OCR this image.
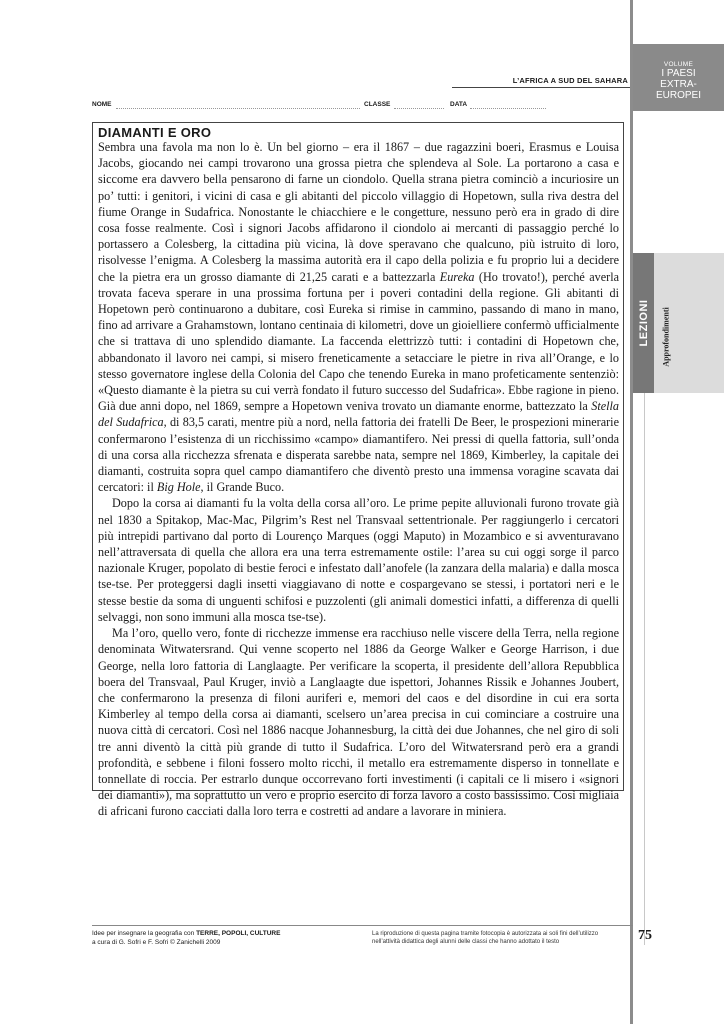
VOLUME
I PAESI
EXTRA-
EUROPEI
LEZIONI Approfondimenti
L’AFRICA A SUD DEL SAHARA
NOME	CLASSE	DATA
DIAMANTI E ORO

Sembra una favola ma non lo è. Un bel giorno – era il 1867 – due ragazzini boeri, Erasmus e Louisa Jacobs, giocando nei campi trovarono una grossa pietra che splendeva al Sole. La portarono a casa e siccome era davvero bella pensarono di farne un ciondolo. Quella strana pietra cominciò a incuriosire un po’ tutti: i genitori, i vicini di casa e gli abitanti del piccolo villaggio di Hopetown, sulla riva destra del fiume Orange in Sudafrica. Nonostante le chiacchiere e le congetture, nessuno però era in grado di dire cosa fosse realmente. Così i signori Jacobs affidarono il ciondolo ai mercanti di passaggio perché lo portassero a Colesberg, la cittadina più vicina, là dove speravano che qualcuno, più istruito di loro, risolvesse l’enigma. A Colesberg la massima autorità era il capo della polizia e fu proprio lui a decidere che la pietra era un grosso diamante di 21,25 carati e a battezzarla Eureka (Ho trovato!), perché averla trovata faceva sperare in una prossima fortuna per i poveri contadini della regione. Gli abitanti di Hopetown però continuarono a dubitare, così Eureka si rimise in cammino, passando di mano in mano, fino ad arrivare a Grahamstown, lontano centinaia di kilometri, dove un gioielliere confermò ufficialmente che si trattava di uno splendido diamante. La faccenda elettrizzò tutti: i contadini di Hopetown che, abbandonato il lavoro nei campi, si misero freneticamente a setacciare le pietre in riva all’Orange, e lo stesso governatore inglese della Colonia del Capo che tenendo Eureka in mano profeticamente sentenziò: «Questo diamante è la pietra su cui verrà fondato il futuro successo del Sudafrica». Ebbe ragione in pieno. Già due anni dopo, nel 1869, sempre a Hopetown veniva trovato un diamante enorme, battezzato la Stella del Sudafrica, di 83,5 carati, mentre più a nord, nella fattoria dei fratelli De Beer, le prospezioni minerarie confermarono l’esistenza di un ricchissimo «campo» diamantifero. Nei pressi di quella fattoria, sull’onda di una corsa alla ricchezza sfrenata e disperata sarebbe nata, sempre nel 1869, Kimberley, la capitale dei diamanti, costruita sopra quel campo diamantifero che diventò presto una immensa voragine scavata dai cercatori: il Big Hole, il Grande Buco.

Dopo la corsa ai diamanti fu la volta della corsa all’oro. Le prime pepite alluvionali furono trovate già nel 1830 a Spitakop, Mac-Mac, Pilgrim’s Rest nel Transvaal settentrionale. Per raggiungerlo i cercatori più intrepidi partivano dal porto di Lourenço Marques (oggi Maputo) in Mozambico e si avventuravano nell’attraversata di quella che allora era una terra estremamente ostile: l’area su cui oggi sorge il parco nazionale Kruger, popolato di bestie feroci e infestato dall’anofele (la zanzara della malaria) e dalla mosca tse-tse. Per proteggersi dagli insetti viaggiavano di notte e cospargevano se stessi, i portatori neri e le stesse bestie da soma di unguenti schifosi e puzzolenti (gli animali domestici infatti, a differenza di quelli selvaggi, non sono immuni alla mosca tse-tse).

Ma l’oro, quello vero, fonte di ricchezze immense era racchiuso nelle viscere della Terra, nella regione denominata Witwatersrand. Qui venne scoperto nel 1886 da George Walker e George Harrison, i due George, nella loro fattoria di Langlaagte. Per verificare la scoperta, il presidente dell’allora Repubblica boera del Transvaal, Paul Kruger, inviò a Langlaagte due ispettori, Johannes Rissik e Johannes Joubert, che confermarono la presenza di filoni auriferi e, memori del caos e del disordine in cui era sorta Kimberley al tempo della corsa ai diamanti, scelsero un’area precisa in cui cominciare a costruire una nuova città di cercatori. Così nel 1886 nacque Johannesburg, la città dei due Johannes, che nel giro di soli tre anni diventò la città più grande di tutto il Sudafrica. L’oro del Witwatersrand però era a grandi profondità, e sebbene i filoni fossero molto ricchi, il metallo era estremamente disperso in tonnellate e tonnellate di roccia. Per estrarlo dunque occorrevano forti investimenti (i capitali ce li misero i «signori dei diamanti»), ma soprattutto un vero e proprio esercito di forza lavoro a costo bassissimo. Così migliaia di africani furono cacciati dalla loro terra e costretti ad andare a lavorare in miniera.

Idee per insegnare la geografia con TERRE, POPOLI, CULTURE
a cura di G. Sofri e F. Sofri © Zanichelli 2009
La riproduzione di questa pagina tramite fotocopia è autorizzata ai soli fini dell’utilizzo nell’attività didattica degli alunni delle classi che hanno adottato il testo	75
